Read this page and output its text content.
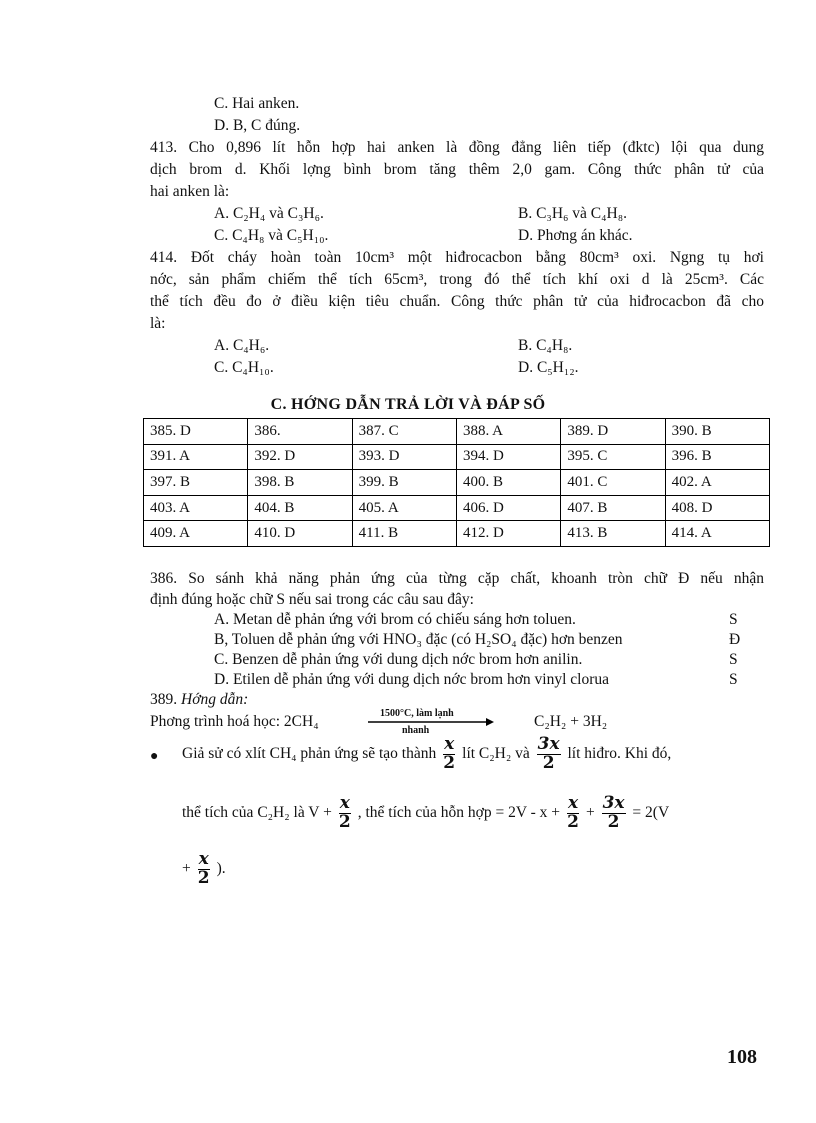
C. Hai anken.
D. B, C đúng.
413. Cho 0,896 lít hỗn hợp hai anken là đồng đẳng liên tiếp (đktc) lội qua dung
dịch brom d. Khối lợng bình brom tăng thêm 2,0 gam. Công thức phân tử của
hai anken là:
A. C₂H₄ và C₃H₆.	B. C₃H₆ và C₄H₈.
C. C₄H₈ và C₅H₁₀.	D. Phơng án khác.
414. Đốt cháy hoàn toàn 10cm³ một hiđrocacbon bằng 80cm³ oxi. Ngng tụ hơi
nớc, sản phẩm chiếm thể tích 65cm³, trong đó thể tích khí oxi d là 25cm³. Các
thể tích đều đo ở điều kiện tiêu chuẩn. Công thức phân tử của hiđrocacbon đã cho
là:
A. C₄H₆.	B. C₄H₈.
C. C₄H₁₀.	D. C₅H₁₂.
C. HỚNG DẪN TRẢ LỜI VÀ ĐÁP SỐ
385. D	386.	387. C	388. A	389. D	390. B
391. A	392. D	393. D	394. D	395. C	396. B
397. B	398. B	399. B	400. B	401. C	402. A
403. A	404. B	405. A	406. D	407. B	408. D
409. A	410. D	411. B	412. D	413. B	414. A
386. So sánh khả năng phản ứng của từng cặp chất, khoanh tròn chữ Đ nếu nhận
định đúng hoặc chữ S nếu sai trong các câu sau đây:
A. Metan dễ phản ứng với brom có chiếu sáng hơn toluen.	S
B, Toluen dễ phản ứng với HNO₃ đặc (có H₂SO₄ đặc) hơn benzen	Đ
C. Benzen dễ phản ứng với dung dịch nớc brom hơn anilin.	S
D. Etilen dễ phản ứng với dung dịch nớc brom hơn vinyl clorua	S
389. Hớng dẫn:
Phơng trình hoá học: 2CH₄	1500°C, làm lạnh
nhanh
C₂H₂ + 3H₂
● Giả sử có xlít CH₄ phản ứng sẽ tạo thành $\frac{x}{2}$ lít C₂H₂ và $\frac{3x}{2}$ lít hiđro. Khi đó,
thể tích của C₂H₂ là $V + \frac{x}{2}$ , thể tích của hỗn hợp = $2V - x + \frac{x}{2} + \frac{3x}{2} = 2(V$
+ $\frac{x}{2}$ ).
108
